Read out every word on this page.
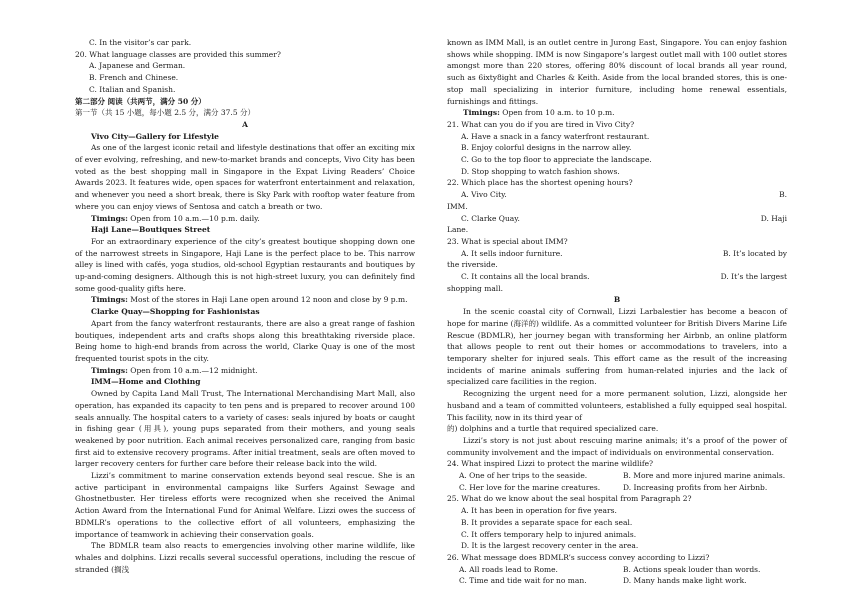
C. In the visitor’s car park.

20. What language classes are provided this summer?

A. Japanese and German.

B. French and Chinese.

C. Italian and Spanish.

第二部分 阅读（共两节，满分 50 分）

第一节（共 15 小题，每小题 2.5 分，满分 37.5 分）

A

Vivo City—Gallery for Lifestyle

As one of the largest iconic retail and lifestyle destinations that offer an exciting mix of ever evolving, refreshing, and new-to-market brands and concepts, Vivo City has been voted as the best shopping mall in Singapore in the Expat Living Readers’ Choice Awards 2023. It features wide, open spaces for waterfront entertainment and relaxation, and whenever you need a short break, there is Sky Park with rooftop water feature from where you can enjoy views of Sentosa and catch a breath or two.

Timings: Open from 10 a.m.—10 p.m. daily.

Haji Lane—Boutiques Street

For an extraordinary experience of the city’s greatest boutique shopping down one of the narrowest streets in Singapore, Haji Lane is the perfect place to be. This narrow alley is lined with cafés, yoga studios, old-school Egyptian restaurants and boutiques by up-and-coming designers. Although this is not high-street luxury, you can definitely find some good-quality gifts here.

Timings: Most of the stores in Haji Lane open around 12 noon and close by 9 p.m.

Clarke Quay—Shopping for Fashionistas

Apart from the fancy waterfront restaurants, there are also a great range of fashion boutiques, independent arts and crafts shops along this breathtaking riverside place. Being home to high-end brands from across the world, Clarke Quay is one of the most frequented tourist spots in the city.

Timings: Open from 10 a.m.—12 midnight.

IMM—Home and Clothing

Owned by Capita Land Mall Trust, The International Merchandising Mart Mall, also operation, has expanded its capacity to ten pens and is prepared to recover around 100 seals annually. The hospital caters to a variety of cases: seals injured by boats or caught in fishing gear (用具), young pups separated from their mothers, and young seals weakened by poor nutrition. Each animal receives personalized care, ranging from basic first aid to extensive recovery programs. After initial treatment, seals are often moved to larger recovery centers for further care before their release back into the wild.

Lizzi’s commitment to marine conservation extends beyond seal rescue. She is an active participant in environmental campaigns like Surfers Against Sewage and Ghostnetbuster. Her tireless efforts were recognized when she received the Animal Action Award from the International Fund for Animal Welfare. Lizzi owes the success of BDMLR’s operations to the collective effort of all volunteers, emphasizing the importance of teamwork in achieving their conservation goals.

The BDMLR team also reacts to emergencies involving other marine wildlife, like whales and dolphins. Lizzi recalls several successful operations, including the rescue of stranded (搁浅

known as IMM Mall, is an outlet centre in Jurong East, Singapore. You can enjoy fashion shows while shopping. IMM is now Singapore’s largest outlet mall with 100 outlet stores amongst more than 220 stores, offering 80% discount of local brands all year round, such as 6ixty8ight and Charles & Keith. Aside from the local branded stores, this is one-stop mall specializing in interior furniture, including home renewal essentials, furnishings and fittings.

Timings: Open from 10 a.m. to 10 p.m.

21. What can you do if you are tired in Vivo City?

A. Have a snack in a fancy waterfront restaurant.

B. Enjoy colorful designs in the narrow alley.

C. Go to the top floor to appreciate the landscape.

D. Stop shopping to watch fashion shows.

22. Which place has the shortest opening hours?

A. Vivo City.	B.

IMM.

C. Clarke Quay.	D. Haji

Lane.

23. What is special about IMM?

A. It sells indoor furniture.	B. It’s located by

the riverside.

C. It contains all the local brands.	D. It’s the largest

shopping mall.

B

In the scenic coastal city of Cornwall, Lizzi Larbalestier has become a beacon of hope for marine (海洋的) wildlife. As a committed volunteer for British Divers Marine Life Rescue (BDMLR), her journey began with transforming her Airbnb, an online platform that allows people to rent out their homes or accommodations to travelers, into a temporary shelter for injured seals. This effort came as the result of the increasing incidents of marine animals suffering from human-related injuries and the lack of specialized care facilities in the region.

Recognizing the urgent need for a more permanent solution, Lizzi, alongside her husband and a team of committed volunteers, established a fully equipped seal hospital. This facility, now in its third year of

的) dolphins and a turtle that required specialized care.

Lizzi’s story is not just about rescuing marine animals; it’s a proof of the power of community involvement and the impact of individuals on environmental conservation.

24. What inspired Lizzi to protect the marine wildlife?

A. One of her trips to the seaside.	B. More and more injured marine animals.

C. Her love for the marine creatures.	D. Increasing profits from her Airbnb.

25. What do we know about the seal hospital from Paragraph 2?

A. It has been in operation for five years.

B. It provides a separate space for each seal.

C. It offers temporary help to injured animals.

D. It is the largest recovery center in the area.

26. What message does BDMLR’s success convey according to Lizzi?

A. All roads lead to Rome.	B. Actions speak louder than words.

C. Time and tide wait for no man.	D. Many hands make light work.
